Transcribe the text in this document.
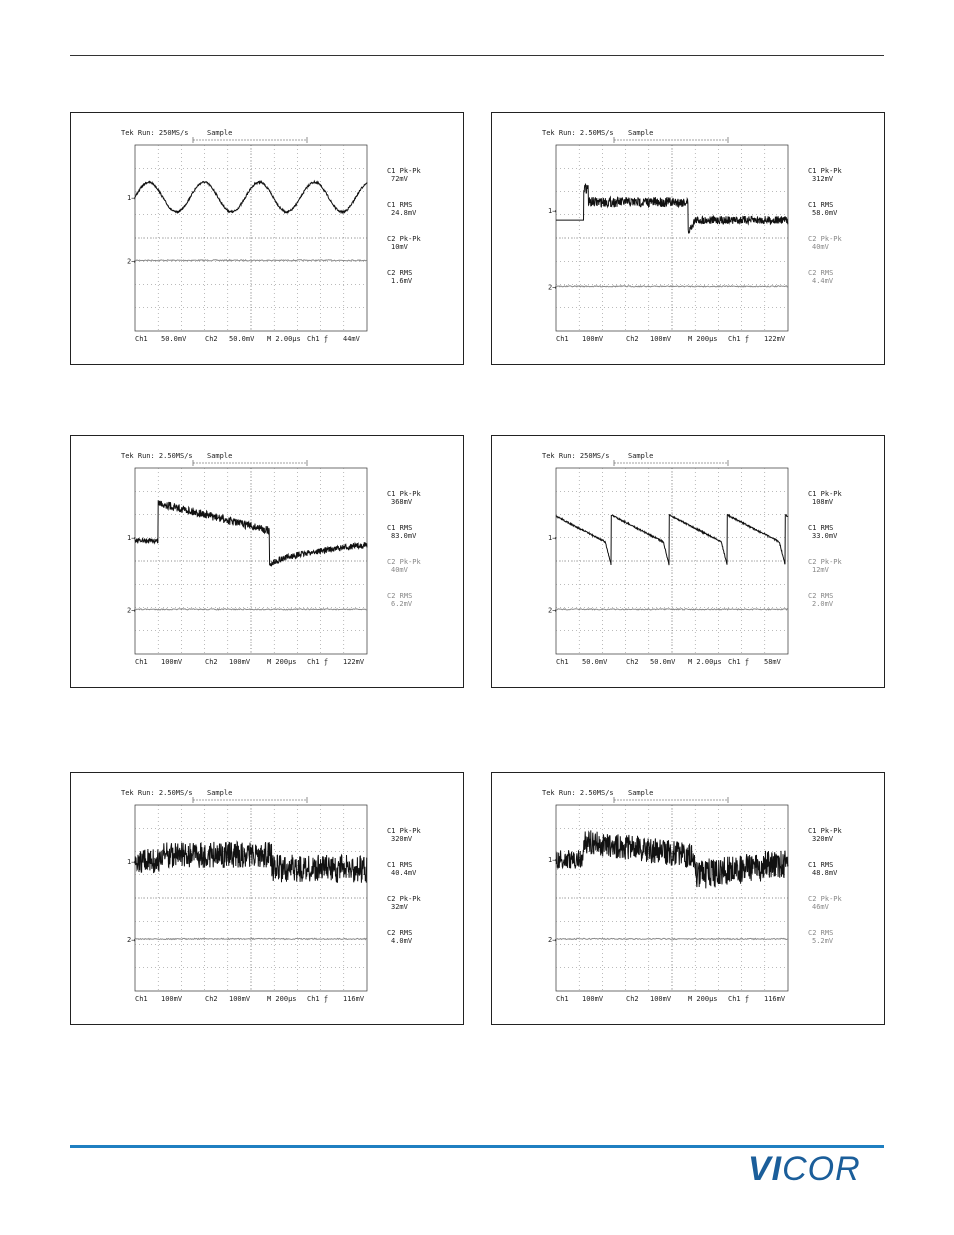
Tek Run: 250MS/s	Sample
1→
2→
C1 Pk-Pk
72mV
C1 RMS
24.8mV
C2 Pk-Pk
10mV
C2 RMS
1.6mV
Ch1 50.0mV	Ch2 50.0mV M 2.00µs Ch1 ƒ 44mV
Tek Run: 2.50MS/s Sample
1→
2→
C1 Pk-Pk
312mV
C1 RMS
58.0mV
C2 Pk-Pk
40mV
C2 RMS
4.4mV
Ch1 100mV	Ch2 100mV M 200µs Ch1 ƒ 122mV
Tek Run: 2.50MS/s Sample
1→
2→
C1 Pk-Pk
368mV
C1 RMS
83.0mV
C2 Pk-Pk
40mV
C2 RMS
6.2mV
Ch1 100mV	Ch2 100mV M 200µs Ch1 ƒ 122mV
Tek Run: 250MS/s	Sample
1→
2→
C1 Pk-Pk
108mV
C1 RMS
33.0mV
C2 Pk-Pk
12mV
C2 RMS
2.0mV
Ch1 50.0mV	Ch2 50.0mV M 2.00µs Ch1 ƒ 58mV
Tek Run: 2.50MS/s Sample
1→
2→
C1 Pk-Pk
320mV
C1 RMS
40.4mV
C2 Pk-Pk
32mV
C2 RMS
4.0mV
Ch1 100mV	Ch2 100mV M 200µs Ch1 ƒ 116mV
Tek Run: 2.50MS/s Sample
1→
2→
C1 Pk-Pk
320mV
C1 RMS
48.8mV
C2 Pk-Pk
46mV
C2 RMS
5.2mV
Ch1 100mV	Ch2 100mV M 200µs Ch1 ƒ 116mV
VICOR
